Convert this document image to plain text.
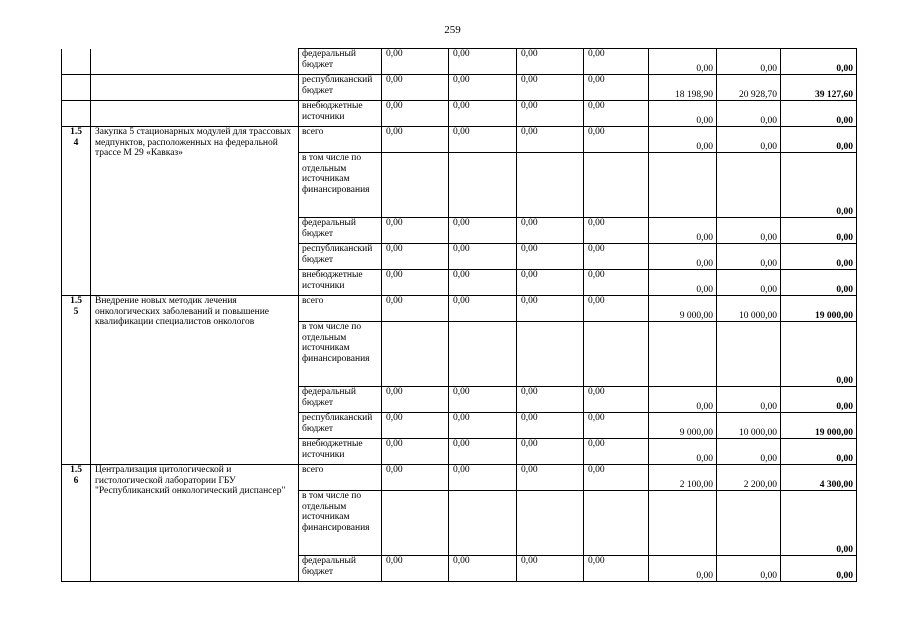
259
		федеральный бюджет	0,00	0,00	0,00	0,00	0,00	0,00	0,00
		республиканский бюджет	0,00	0,00	0,00	0,00	18 198,90	20 928,70	39 127,60
		внебюджетные источники	0,00	0,00	0,00	0,00	0,00	0,00	0,00
1.5
4	Закупка 5 стационарных модулей для трассовых медпунктов, расположенных на федеральной трассе М 29 «Кавказ»	всего	0,00	0,00	0,00	0,00	0,00	0,00	0,00
		в том числе по отдельным источникам финансирования							0,00
		федеральный бюджет	0,00	0,00	0,00	0,00	0,00	0,00	0,00
		республиканский бюджет	0,00	0,00	0,00	0,00	0,00	0,00	0,00
		внебюджетные источники	0,00	0,00	0,00	0,00	0,00	0,00	0,00
1.5
5	Внедрение новых методик лечения онкологических заболеваний и повышение квалификации специалистов онкологов	всего	0,00	0,00	0,00	0,00	9 000,00	10 000,00	19 000,00
		в том числе по отдельным источникам финансирования							0,00
		федеральный бюджет	0,00	0,00	0,00	0,00	0,00	0,00	0,00
		республиканский бюджет	0,00	0,00	0,00	0,00	9 000,00	10 000,00	19 000,00
		внебюджетные источники	0,00	0,00	0,00	0,00	0,00	0,00	0,00
1.5
6	Централизация цитологической и гистологической лаборатории ГБУ "Республиканский онкологический диспансер"	всего	0,00	0,00	0,00	0,00	2 100,00	2 200,00	4 300,00
		в том числе по отдельным источникам финансирования							0,00
		федеральный бюджет	0,00	0,00	0,00	0,00	0,00	0,00	0,00
